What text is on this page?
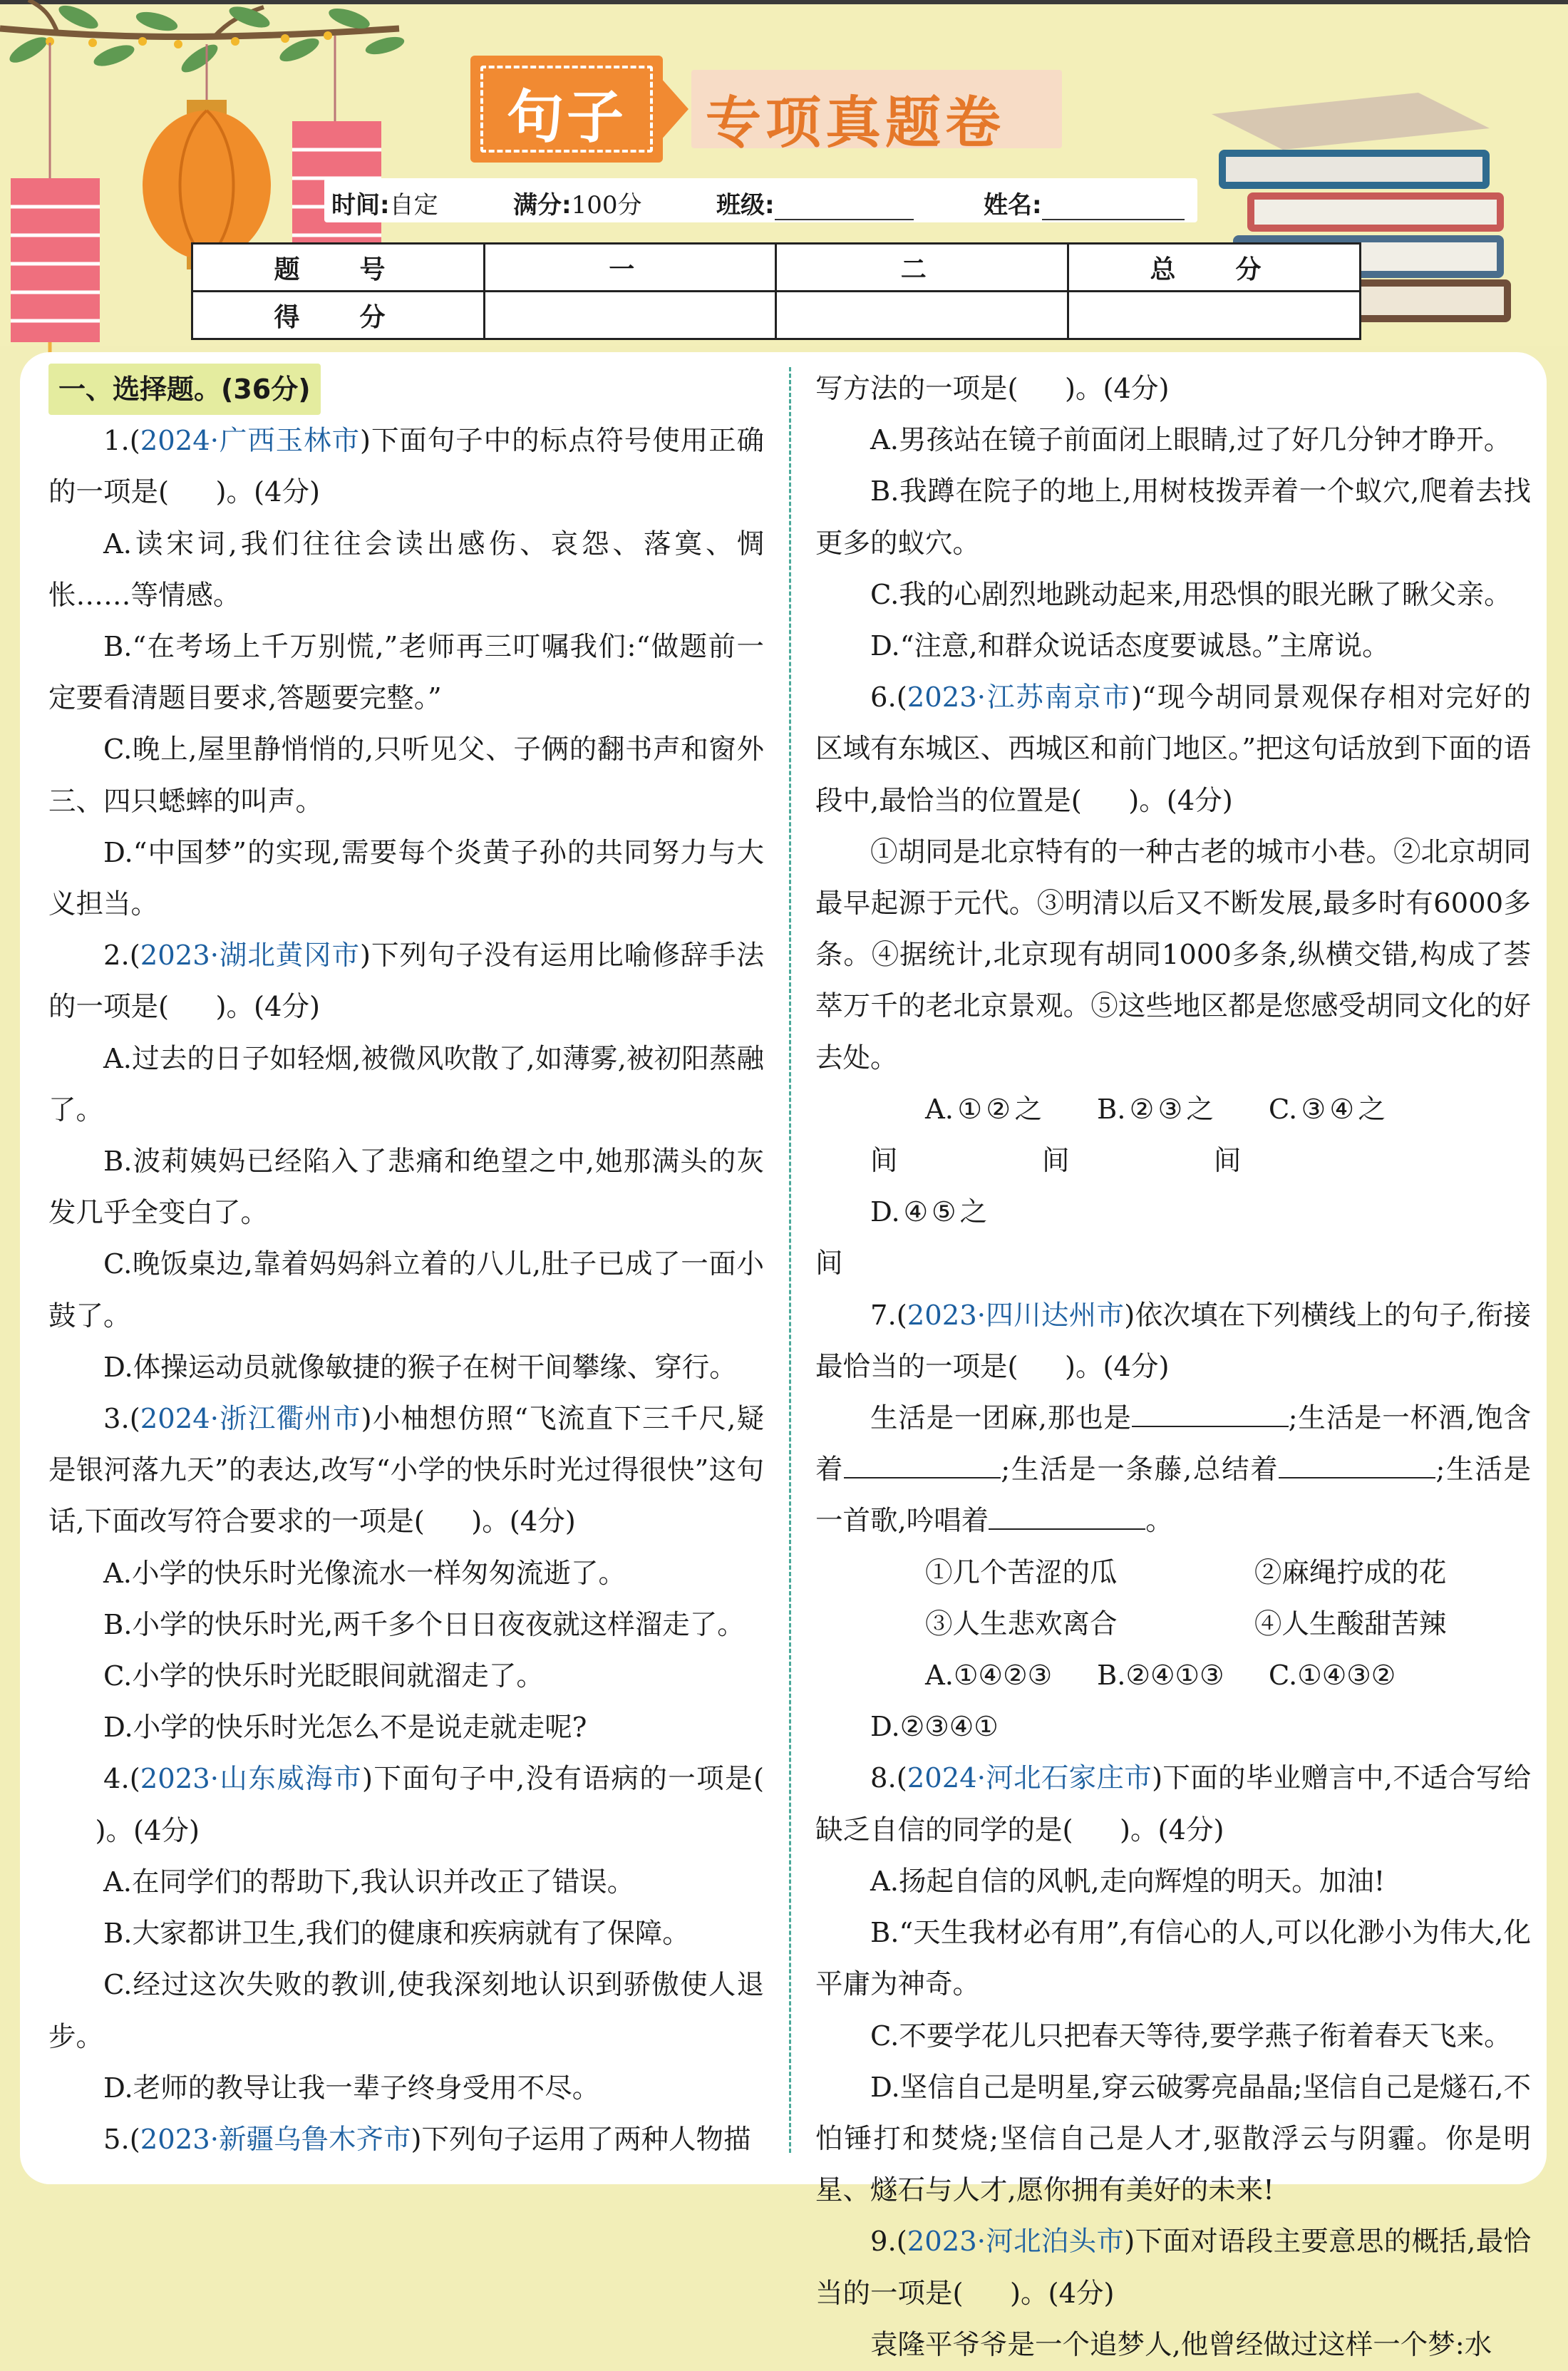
句子	专项真题卷
时间:自定	满分:100分	班级:	姓名:
题　号	一	二	总　分
得　分			

一、选择题。(36分)

1.(2024·广西玉林市)下面句子中的标点符号使用正确的一项是( )。(4分)

A.读宋词,我们往往会读出感伤、哀怨、落寞、惆怅……等情感。

B.“在考场上千万别慌,”老师再三叮嘱我们:“做题前一定要看清题目要求,答题要完整。”

C.晚上,屋里静悄悄的,只听见父、子俩的翻书声和窗外三、四只蟋蟀的叫声。

D.“中国梦”的实现,需要每个炎黄子孙的共同努力与大义担当。

2.(2023·湖北黄冈市)下列句子没有运用比喻修辞手法的一项是( )。(4分)

A.过去的日子如轻烟,被微风吹散了,如薄雾,被初阳蒸融了。

B.波莉姨妈已经陷入了悲痛和绝望之中,她那满头的灰发几乎全变白了。

C.晚饭桌边,靠着妈妈斜立着的八儿,肚子已成了一面小鼓了。

D.体操运动员就像敏捷的猴子在树干间攀缘、穿行。

3.(2024·浙江衢州市)小柚想仿照“飞流直下三千尺,疑是银河落九天”的表达,改写“小学的快乐时光过得很快”这句话,下面改写符合要求的一项是( )。(4分)

A.小学的快乐时光像流水一样匆匆流逝了。

B.小学的快乐时光,两千多个日日夜夜就这样溜走了。

C.小学的快乐时光眨眼间就溜走了。

D.小学的快乐时光怎么不是说走就走呢?

4.(2023·山东威海市)下面句子中,没有语病的一项是()。(4分)

A.在同学们的帮助下,我认识并改正了错误。

B.大家都讲卫生,我们的健康和疾病就有了保障。

C.经过这次失败的教训,使我深刻地认识到骄傲使人退步。

D.老师的教导让我一辈子终身受用不尽。

5.(2023·新疆乌鲁木齐市)下列句子运用了两种人物描

写方法的一项是( )。(4分)

A.男孩站在镜子前面闭上眼睛,过了好几分钟才睁开。

B.我蹲在院子的地上,用树枝拨弄着一个蚁穴,爬着去找更多的蚁穴。

C.我的心剧烈地跳动起来,用恐惧的眼光瞅了瞅父亲。

D.“注意,和群众说话态度要诚恳。”主席说。

6.(2023·江苏南京市)“现今胡同景观保存相对完好的区域有东城区、西城区和前门地区。”把这句话放到下面的语段中,最恰当的位置是( )。(4分)

①胡同是北京特有的一种古老的城市小巷。②北京胡同最早起源于元代。③明清以后又不断发展,最多时有6000多条。④据统计,北京现有胡同1000多条,纵横交错,构成了荟萃万千的老北京景观。⑤这些地区都是您感受胡同文化的好去处。

A.①②之间B.②③之间C.③④之间D.④⑤之间

7.(2023·四川达州市)依次填在下列横线上的句子,衔接最恰当的一项是( )。(4分)

生活是一团麻,那也是	;生活是一杯酒,饱含着	;生活是一条藤,总结着	;生活是一首歌,吟唱着	。

①几个苦涩的瓜	②麻绳拧成的花

③人生悲欢离合	④人生酸甜苦辣

A.①④②③ B.②④①③ C.①④③②D.②③④①

8.(2024·河北石家庄市)下面的毕业赠言中,不适合写给缺乏自信的同学的是( )。(4分)

A.扬起自信的风帆,走向辉煌的明天。加油!

B.“天生我材必有用”,有信心的人,可以化渺小为伟大,化平庸为神奇。

C.不要学花儿只把春天等待,要学燕子衔着春天飞来。

D.坚信自己是明星,穿云破雾亮晶晶;坚信自己是燧石,不怕锤打和焚烧;坚信自己是人才,驱散浮云与阴霾。你是明星、燧石与人才,愿你拥有美好的未来!

9.(2023·河北泊头市)下面对语段主要意思的概括,最恰当的一项是( )。(4分)

袁隆平爷爷是一个追梦人,他曾经做过这样一个梦:水
